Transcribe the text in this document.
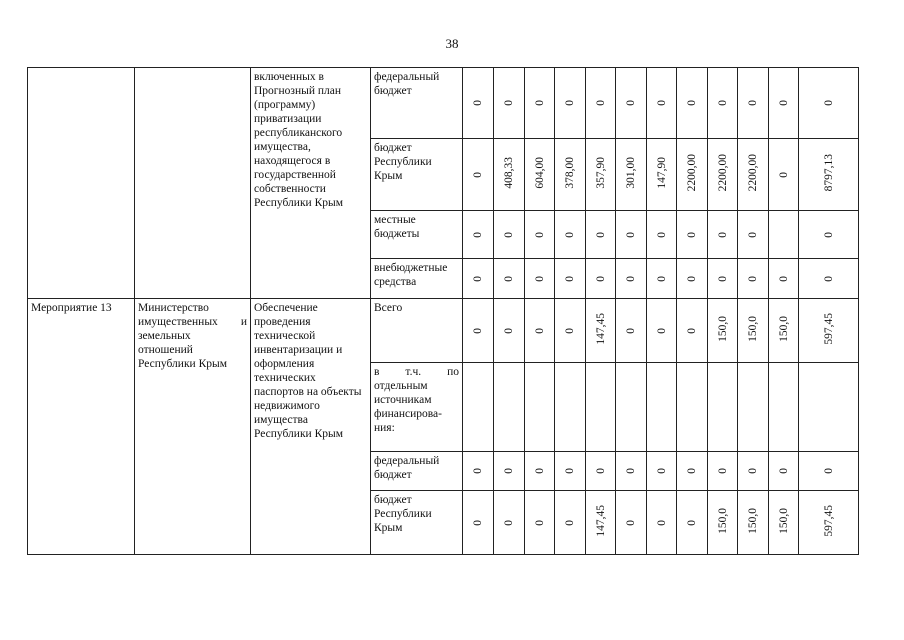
38
		включенных в Прогнозный план (программу) приватизации республиканского имущества, находящегося в государственной собственности Республики Крым	федеральный бюджет	0	0	0	0	0	0	0	0	0	0	0	0
			бюджет Республики Крым	0	408,33	604,00	378,00	357,90	301,00	147,90	2200,00	2200,00	2200,00	0	8797,13
			местные бюджеты	0	0	0	0	0	0	0	0	0	0		0
			внебюджетные средства	0	0	0	0	0	0	0	0	0	0	0	0
Мероприятие 13	Министерство имущественных и земельных отношений Республики Крым	Обеспечение проведения технической инвентаризации и оформления технических паспортов на объекты недвижимого имущества Республики Крым	Всего	0	0	0	0	147,45	0	0	0	150,0	150,0	150,0	597,45
			в т.ч. по отдельным источникам финансирова-ния:												
			федеральный бюджет	0	0	0	0	0	0	0	0	0	0	0	0
			бюджет Республики Крым	0	0	0	0	147,45	0	0	0	150,0	150,0	150,0	597,45
